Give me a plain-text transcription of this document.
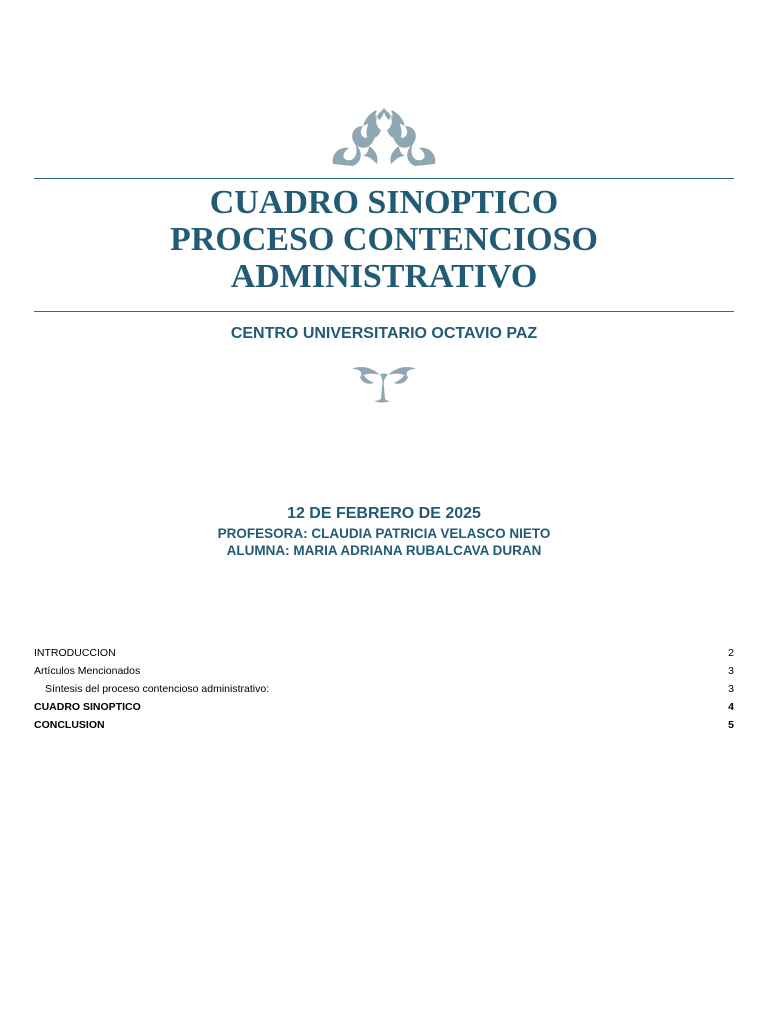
CUADRO SINOPTICO
PROCESO CONTENCIOSO
ADMINISTRATIVO
CENTRO UNIVERSITARIO OCTAVIO PAZ
12 DE FEBRERO DE 2025
PROFESORA: CLAUDIA PATRICIA VELASCO NIETO
ALUMNA: MARIA ADRIANA RUBALCAVA DURAN
INTRODUCCION	2
Artículos Mencionados	3
Síntesis del proceso contencioso administrativo:	3
CUADRO SINOPTICO	4
CONCLUSION	5
